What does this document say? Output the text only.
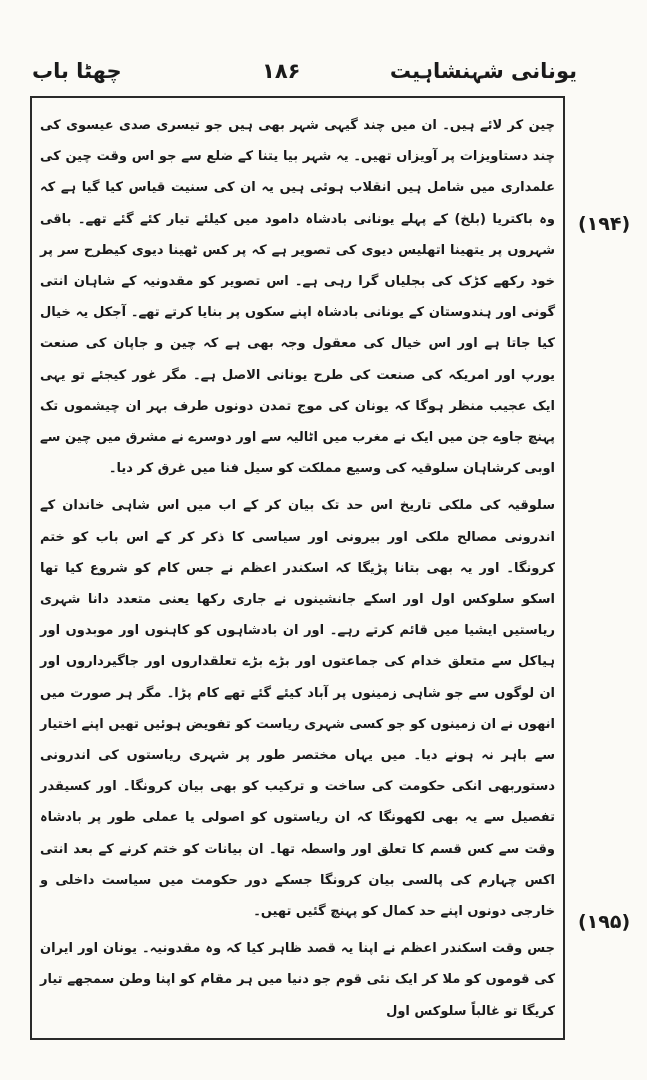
چھٹا باب	۱۸۶	یونانی شہنشاہیت

چین کر لائے ہیں۔ ان میں چند گیہی شہر بھی ہیں جو تیسری صدی عیسوی کی چند دستاویزات پر آویزاں تھیں۔ یہ شہر بیا یتنا کے ضلع سے جو اس وقت چین کی علمداری میں شامل ہیں انقلاب ہوئی ہیں یہ ان کی سنیت قیاس کیا گیا ہے کہ وہ باکتریا (بلخ) کے پہلے یونانی بادشاہ دامود میں کیلئے تیار کئے گئے تھے۔ باقی شہروں پر یتھینا اتھلیس دیوی کی تصویر ہے کہ پر کس ٹھینا دیوی کیطرح سر پر خود رکھے کڑک کی بجلیاں گرا رہی ہے۔ اس تصویر کو مقدونیہ کے شاہان انتی گونی اور ہندوستان کے یونانی بادشاہ اپنے سکوں پر بنایا کرتے تھے۔ آجکل یہ خیال کیا جاتا ہے اور اس خیال کی معقول وجہ بھی ہے کہ چین و جاپان کی صنعت یورپ اور امریکہ کی صنعت کی طرح یونانی الاصل ہے۔ مگر غور کیجئے تو یہی ایک عجیب منظر ہوگا کہ یونان کی موج تمدن دونوں طرف بہر ان چیشموں تک پہنچ جاوے جن میں ایک نے مغرب میں اٹالیہ سے اور دوسرے نے مشرق میں چین سے اوبی کرشاہان سلوقیہ کی وسیع مملکت کو سیل فنا میں غرق کر دیا۔

سلوقیہ کی ملکی تاریخ اس حد تک بیان کر کے اب میں اس شاہی خاندان کے اندرونی مصالح ملکی اور بیرونی اور سیاسی کا ذکر کر کے اس باب کو ختم کرونگا۔ اور یہ بھی بتانا پڑیگا کہ اسکندر اعظم نے جس کام کو شروع کیا تھا اسکو سلوکس اول اور اسکے جانشینوں نے جاری رکھا یعنی متعدد دانا شہری ریاستیں ایشیا میں قائم کرتے رہے۔ اور ان بادشاہوں کو کاہنوں اور موبدوں اور ہیاکل سے متعلق خدام کی جماعتوں اور بڑے بڑے تعلقداروں اور جاگیرداروں اور ان لوگوں سے جو شاہی زمینوں پر آباد کیئے گئے تھے کام پڑا۔ مگر ہر صورت میں انھوں نے ان زمینوں کو جو کسی شہری ریاست کو تفویض ہوئیں تھیں اپنے اختیار سے باہر نہ ہونے دیا۔ میں یہاں مختصر طور پر شہری ریاستوں کی اندرونی دستوربھی انکی حکومت کی ساخت و ترکیب کو بھی بیان کرونگا۔ اور کسیقدر تفصیل سے یہ بھی لکھونگا کہ ان ریاستوں کو اصولی یا عملی طور پر بادشاہ وقت سے کس قسم کا تعلق اور واسطہ تھا۔ ان بیانات کو ختم کرنے کے بعد انتی اکس چہارم کی پالسی بیان کرونگا جسکے دور حکومت میں سیاست داخلی و خارجی دونوں اپنے حد کمال کو پہنچ گئیں تھیں۔

جس وقت اسکندر اعظم نے اپنا یہ قصد ظاہر کیا کہ وہ مقدونیہ۔ یونان اور ایران کی قوموں کو ملا کر ایک نئی قوم جو دنیا میں ہر مقام کو اپنا وطن سمجھے تیار کریگا تو غالباً سلوکس اول

(۱۹۴)
(۱۹۵)
